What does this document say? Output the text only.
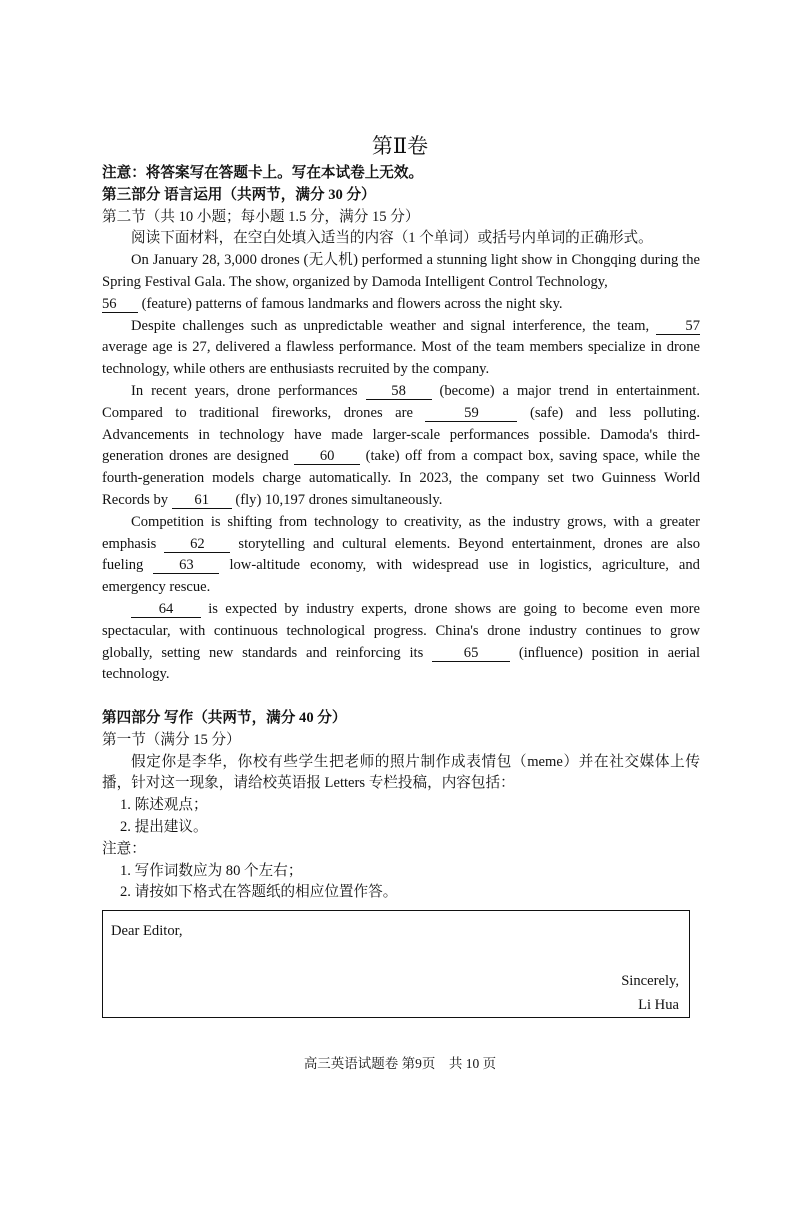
第Ⅱ卷

注意：将答案写在答题卡上。写在本试卷上无效。

第三部分 语言运用（共两节，满分 30 分）

第二节（共 10 小题；每小题 1.5 分，满分 15 分）

阅读下面材料，在空白处填入适当的内容（1 个单词）或括号内单词的正确形式。

On January 28, 3,000 drones (无人机) performed a stunning light show in Chongqing during the Spring Festival Gala. The show, organized by Damoda Intelligent Control Technology,
56 (feature) patterns of famous landmarks and flowers across the night sky.

Despite challenges such as unpredictable weather and signal interference, the team, 57 average age is 27, delivered a flawless performance. Most of the team members specialize in drone technology, while others are enthusiasts recruited by the company.

In recent years, drone performances 58 (become) a major trend in entertainment. Compared to traditional fireworks, drones are	59	(safe) and less polluting. Advancements in technology have made larger-scale performances possible. Damoda's third-generation drones are designed 60 (take) off from a compact box, saving space, while the fourth-generation models charge automatically. In 2023, the company set two Guinness World Records by 61 (fly) 10,197 drones simultaneously.

Competition is shifting from technology to creativity, as the industry grows, with a greater emphasis 62 storytelling and cultural elements. Beyond entertainment, drones are also fueling 63 low-altitude economy, with widespread use in logistics, agriculture, and emergency rescue.

64 is expected by industry experts, drone shows are going to become even more spectacular, with continuous technological progress. China's drone industry continues to grow globally, setting new standards and reinforcing its 65 (influence) position in aerial technology.

第四部分 写作（共两节，满分 40 分）

第一节（满分 15 分）

假定你是李华，你校有些学生把老师的照片制作成表情包（meme）并在社交媒体上传播，针对这一现象，请给校英语报 Letters 专栏投稿，内容包括：

1. 陈述观点；

2. 提出建议。

注意：

1. 写作词数应为 80 个左右；

2. 请按如下格式在答题纸的相应位置作答。

Dear Editor,
Sincerely,
Li Hua
高三英语试题卷 第9页　共 10 页
